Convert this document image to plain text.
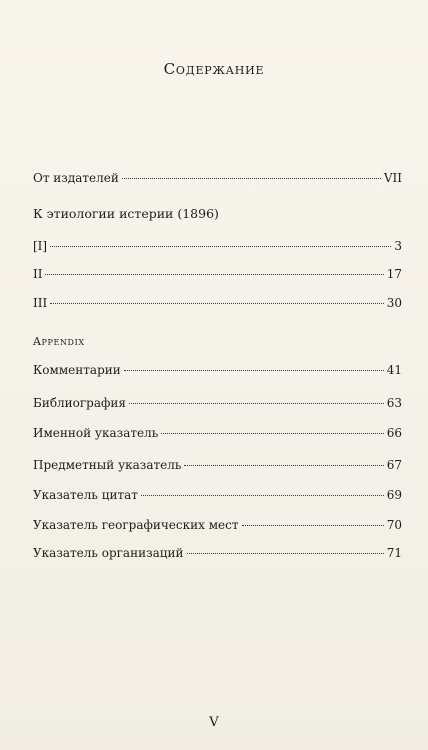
Содержание
От издателей	VII
К этиологии истерии (1896)
[I]	3
II	17
III	30
Appendix
Комментарии	41
Библиография	63
Именной указатель	66
Предметный указатель	67
Указатель цитат	69
Указатель географических мест	70
Указатель организаций	71
V
